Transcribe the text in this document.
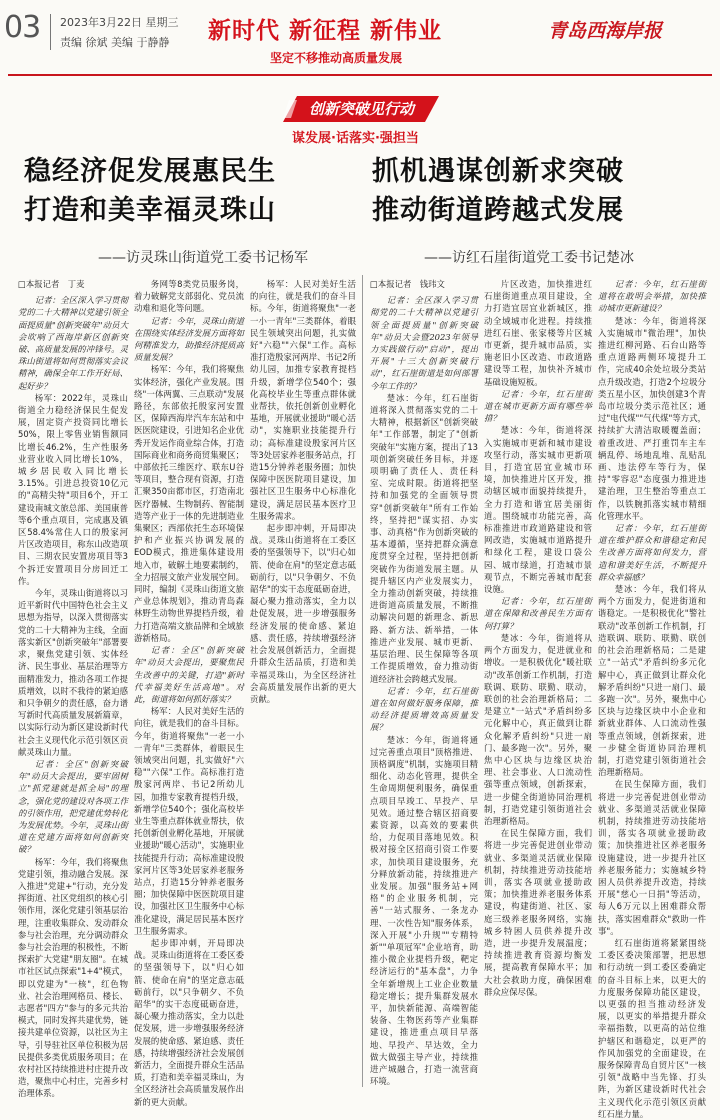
03 2023年3月22日 星期三
责编 徐斌 美编 于静静 新时代 新征程 新伟业
坚定不移推动高质量发展
青岛西海岸报
创新突破见行动
谋发展·话落实·强担当
稳经济促发展惠民生
打造和美幸福灵珠山
抓机遇谋创新求突破
推动街道跨越式发展
——访灵珠山街道党工委书记杨军	——访红石崖街道党工委书记楚冰

□本报记者　丁麦

记者：全区深入学习贯彻党的二十大精神以党建引领全面提质量"创新突破年"动员大会吹响了西海岸新区创新突破、高质量发展的冲锋号。灵珠山街道将如何贯彻落实会议精神，确保全年工作开好局、起好步？

杨军：2022年，灵珠山街道全力稳经济保民生促发展，固定资产投资同比增长50%，限上零售业销售额同比增长46.2%，生产性服务业营业收入同比增长10%，城乡居民收入同比增长3.15%。引进总投资10亿元的"高精尖特"项目6个，开工建设南城文旅总部、美国康普等6个重点项目，完成惠及镇区58.4%常住人口的殷家河片区改造项目，称东山改造项目、三期农民安置房项目等3个拆迁安置项目分房回迁工作。

今年，灵珠山街道将以习近平新时代中国特色社会主义思想为指导，以深入贯彻落实党的二十大精神为主线，全面落实新区"创新突破年"部署要求，聚焦党建引领、实体经济、民生事业、基层治理等方面精准发力，推动各项工作提质增效，以时不我待的紧迫感和只争朝夕的责任感，奋力谱写新时代高质量发展新篇章，以实际行动为新区建设新时代社会主义现代化示范引领区贡献灵珠山力量。

记者：全区"创新突破年"动员大会提出，要牢固树立"抓党建就是抓全局"的理念，强化党的建设对各项工作的引领作用，把党建优势转化为发展优势。今年，灵珠山街道在党建方面将如何创新突破？

杨军：今年，我们将聚焦党建引领，推动融合发展。深入推进"党建+"行动，充分发挥街道、社区党组织的核心引领作用，深化党建引领基层治理，注重收集群众、发动群众参与社会治理，充分调动群众参与社会治理的积极性，不断探索扩大党建"朋友圈"。在城市社区试点探索"1+4"模式，即以党建为"一核"，红色物业、社会治理网格员、楼长、志愿者"四方"参与的多元共治模式，同时发挥共建优势，链接共建单位资源，以社区为主导，引导驻社区单位积极为居民提供多类优质服务项目；在农村社区持续推进村庄提升改造，聚焦中心村庄，完善乡村治理体系。

务网等8类党员服务岗，着力破解党支部弱化、党员流动难和退化等问题。

记者：今年，灵珠山街道在围绕实体经济发展方面将如何精准发力，助推经济提质高质量发展？

杨军：今年，我们将聚焦实体经济，强化产业发展。围绕"一体两翼、三点联动"发展路径，东部依托殷家河安置区，保障西海岸汽车东站和中医医院建设，引进知名企业优秀开发运作商业综合体，打造国际商业和商务商贸集聚区；中部依托三维医疗、联东U谷等项目，整合现有资源，打造汇聚350亩都市区，打造南北医疗器械、生物制药、智能制造等产业于一体的先进制造业集聚区；西部依托生态环境保护和产业振兴协调发展的EOD模式，推进集体建设用地入市，破解土地要素制约，全力招展文旅产业发展空间。同时，编制《灵珠山街道文旅产业总体规划》，推动青岛森林野生动物世界提档升级，着力打造高端文旅品牌和全域旅游新格局。

记者：全区"创新突破年"动员大会提出，要聚焦民生改善中的关键，打造"新时代幸福美好生活高地"。对此，街道将如何抓好落实？

杨军：人民对美好生活的向往，就是我们的奋斗目标。今年，街道将聚焦"一老一小一青年"三类群体，着眼民生领域突出问题，扎实做好"六稳""六保"工作。高标准打造殷家河两岸、书记2所幼儿园，加推专家教育提档升级，新增学位540个；强化高校毕业生等重点群体就业帮扶，依托创新创业孵化基地，开展就业援助"暖心活动"，实施职业技能提升行动；高标准建设殷家河片区等3处居家养老服务站点，打造15分钟养老服务圈；加快保障中医医院项目建设，加强社区卫生服务中心标准化建设，满足居民基本医疗卫生服务需求。

起步即冲刺，开局即决战。灵珠山街道将在工委区委的坚强领导下，以"归心如箭、使命在肩"的坚定意志砥砺前行，以"只争朝夕、不负韶华"的实干态度砥砺奋进，凝心聚力推动落实，全力以赴促发展，进一步增强服务经济发展的使命感、紧迫感、责任感，持续增强经济社会发展创新活力，全面提升群众生活品质，打造和美幸福灵珠山，为全区经济社会高质量发展作出新的更大贡献。

杨军：人民对美好生活的向往，就是我们的奋斗目标。今年，街道将聚焦"一老一小一青年"三类群体，着眼民生领域突出问题，扎实做好"六稳""六保"工作。高标准打造殷家河两岸、书记2所幼儿园，加推专家教育提档升级，新增学位540个；强化高校毕业生等重点群体就业帮扶，依托创新创业孵化基地，开展就业援助"暖心活动"，实施职业技能提升行动；高标准建设殷家河片区等3处居家养老服务站点，打造15分钟养老服务圈；加快保障中医医院项目建设，加强社区卫生服务中心标准化建设，满足居民基本医疗卫生服务需求。

起步即冲刺，开局即决战。灵珠山街道将在工委区委的坚强领导下，以"归心如箭、使命在肩"的坚定意志砥砺前行，以"只争朝夕、不负韶华"的实干态度砥砺奋进，凝心聚力推动落实，全力以赴促发展，进一步增强服务经济发展的使命感、紧迫感、责任感，持续增强经济社会发展创新活力，全面提升群众生活品质，打造和美幸福灵珠山，为全区经济社会高质量发展作出新的更大贡献。

□本报记者　钱玮文

记者：全区深入学习贯彻党的二十大精神以党建引领全面提质量"创新突破年"动员大会暨2023年领导力实践做行动"启动"，提出开展"十三大创新突破行动"，红石崖街道是如何部署今年工作的？

楚冰：今年，红石崖街道将深入贯彻落实党的二十大精神，根据新区"创新突破年"工作部署，制定了"创新突破年"实施方案，提出了13项创新突破任务目标，并逐项明确了责任人、责任科室、完成时限。街道将把坚持和加强党的全面领导贯穿"创新突破年"所有工作始终，坚持把"谋实招、办实事、动真格"作为创新突破的基本遵循，坚持把群众满意度贯穿全过程，坚持把创新突破作为街道发展主题。从提升辖区内产业发展实力，全力推动创新突破，持续推进街道高质量发展，不断推动解决问题的新理念、新思路、新方法、新举措，一体推进产业发展、城市更新、基层治理、民生保障等各项工作提质增效，奋力推动街道经济社会跨越式发展。

记者：今年，红石崖街道在如何做好服务保障，推动经济提质增效高质量发展？

楚冰：今年，街道将通过完善重点项目"顶格推进、顶格调度"机制，实施项目精细化、动态化管理，提供全生命周期便利服务，确保重点项目早竣工、早投产、早见效。通过整合辖区招商要素资源，以高效的要素供给，力促项目落地见效。积极对接全区招商引资工作要求，加快项目建设服务，充分释放新动能，持续推进产业发展。加强"服务站+网格"的企业服务机制，完善"一站式服务、一条龙办理、一次性告知"服务体系，深入开展"小升规""专精特新""单项冠军"企业培育，助推小微企业提档升级，靶定经济运行的"基本盘"，力争全年新增规上工业企业数量稳定增长；提升集群发展水平，加快新能源、高端智能装备、生物医药等产业集群建设，推进重点项目早落地、早投产、早达效，全力做大做强主导产业，持续推进产城融合，打造一流营商环境。

片区改造，加快推进红石崖街道重点项目建设，全力打造宜居宜业新城区，推动全域城市化进程。持续推进红石崖、张家楼等片区城市更新，提升城市品质，实施老旧小区改造、市政道路建设等工程，加快补齐城市基础设施短板。

记者：今年，红石崖街道在城市更新方面有哪些举措？

楚冰：今年，街道将深入实施城市更新和城市建设攻坚行动，落实城市更新项目，打造宜居宜业城市环境，加快推进片区开发，推动辖区城市面貌持续提升，全力打造和谐宜居美丽街道。围绕城市功能完善，高标准推进市政道路建设和管网改造，实施城市道路提升和绿化工程，建设口袋公园、城市绿道，打造城市景观节点，不断完善城市配套设施。

记者：今年，红石崖街道在保障和改善民生方面有何打算？

楚冰：今年，街道将从两个方面发力，促进就业和增收。一是积极优化"暖社联动"改革创新工作机制，打造联调、联防、联勤、联动，联创的社会治理新格局；二是建立"一站式"矛盾纠纷多元化解中心，真正做到让群众化解矛盾纠纷"只进一扇门、最多跑一次"。另外，聚焦中心区块与边缘区块治理、社会事业、人口流动性强等重点领域，创新探索，进一步健全街道协同治理机制，打造党建引领街道社会治理新格局。

在民生保障方面，我们将进一步完善促进创业带动就业、多渠道灵活就业保障机制，持续推进劳动技能培训，落实各项就业援助政策；加快推进养老服务体系建设，构建街道、社区、家庭三级养老服务网络，实施城乡特困人员供养提升改造，进一步提升发展温度；持续推进教育资源均衡发展，提高教育保障水平；加大社会救助力度，确保困难群众应保尽保。

记者：今年，红石崖街道将在敢明会举措，加快推动城市更新建设？

楚冰：今年，街道将深入实施城市"微治理"，加快推进红柳河路、石台山路等重点道路两侧环境提升工作，完成40余处垃圾分类站点升级改造，打造2个垃圾分类五星小区，加快创建3个青岛市垃圾分类示范社区；通过"电代煤""气代煤"等方式，持续扩大清洁取暖覆盖面；着重改进、严打重罚车主车辆乱停、场地乱堆、乱贴乱画、违法停车等行为，保持"零容忍"态度强力推进违建治理，卫生整治等重点工作，以铁腕抓落实城市精细化管理水平。

记者：今年，红石崖街道在维护群众和谐稳定和民生改善方面将如何发力，营造和谐美好生活，不断提升群众幸福感？

楚冰：今年，我们将从两个方面发力，促进街道和谐稳定。一是积极优化"警社联动"改革创新工作机制，打造联调、联防、联勤、联创的社会治理新格局；二是建立"一站式"矛盾纠纷多元化解中心，真正做到让群众化解矛盾纠纷"只进一扇门、最多跑一次"。另外，聚焦中心区块与边缘区块中小企业和新就业群体、人口流动性强等重点领域，创新探索，进一步健全街道协同治理机制，打造党建引领街道社会治理新格局。

在民生保障方面，我们将进一步完善促进创业带动就业、多渠道灵活就业保障机制，持续推进劳动技能培训，落实各项就业援助政策；加快推进社区养老服务设施建设，进一步提升社区养老服务能力；实施城乡特困人员供养提升改造，持续开展"慈心一日捐"等活动，每人6万元以上困难群众帮扶，落实困难群众"救助一件事"。

红石崖街道将紧紧围绕工委区委决策部署，把思想和行动统一到工委区委确定的奋斗目标上来，以更大的力度服务保障功能区建设，以更强的担当推动经济发展，以更实的举措提升群众幸福指数，以更高的站位维护辖区和谐稳定，以更严的作风加强党的全面建设，在服务保障青岛自贸片区"一核引领"战略中当先锋、打头阵，为新区建设新时代社会主义现代化示范引领区贡献红石崖力量。
